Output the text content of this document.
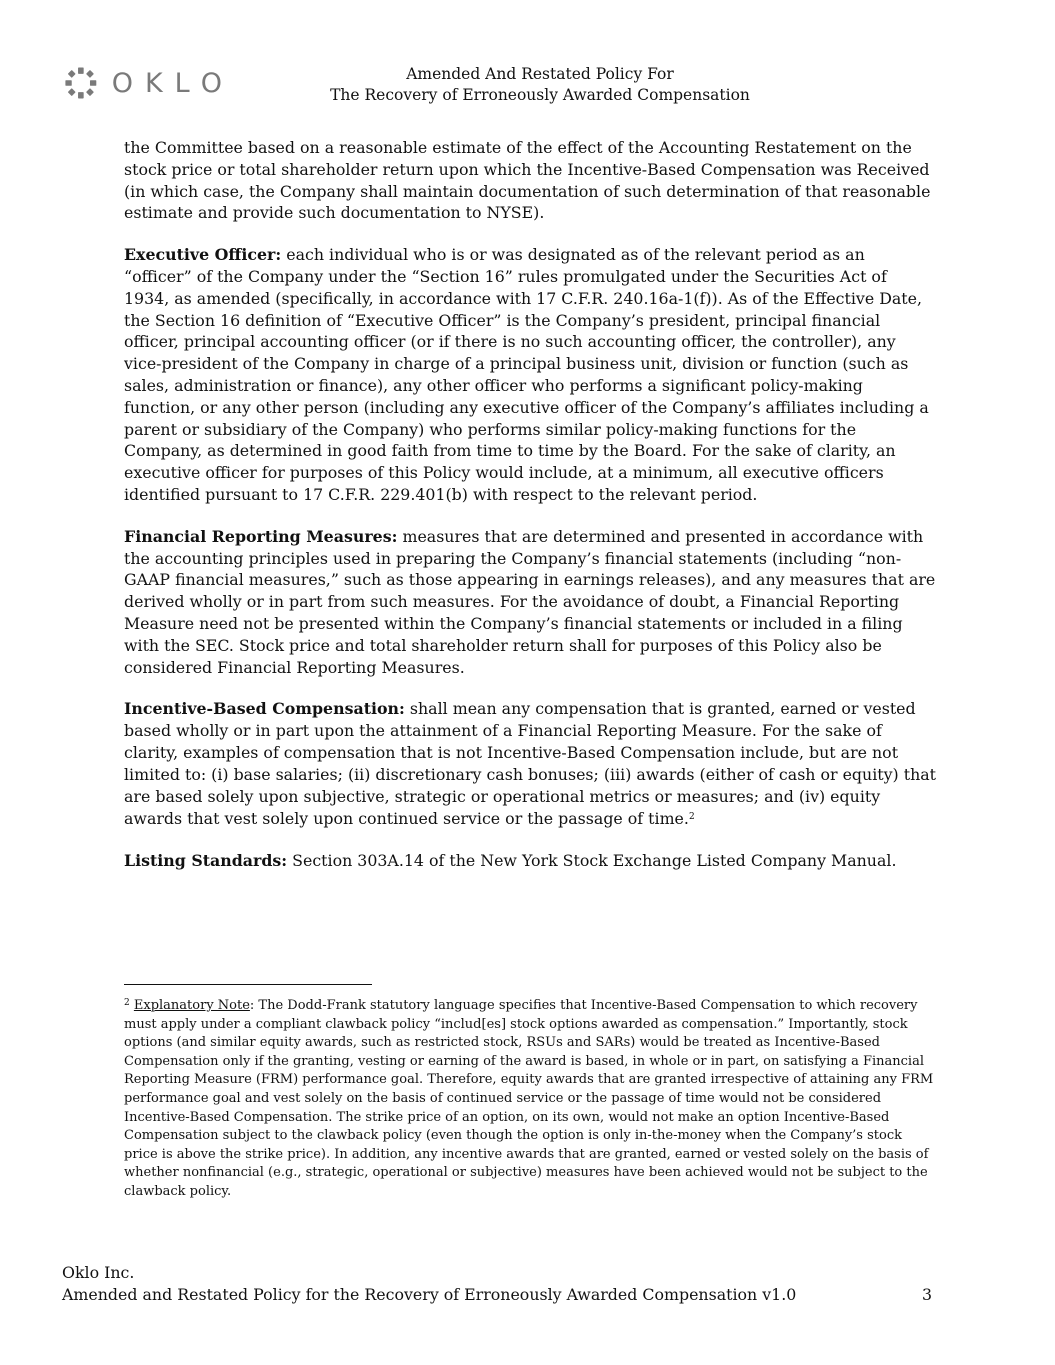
OKLO	Amended And Restated Policy For
The Recovery of Erroneously Awarded Compensation

the Committee based on a reasonable estimate of the effect of the Accounting Restatement on the stock price or total shareholder return upon which the Incentive-Based Compensation was Received (in which case, the Company shall maintain documentation of such determination of that reasonable estimate and provide such documentation to NYSE).

Executive Officer: each individual who is or was designated as of the relevant period as an “officer” of the Company under the “Section 16” rules promulgated under the Securities Act of 1934, as amended (specifically, in accordance with 17 C.F.R. 240.16a-1(f)). As of the Effective Date, the Section 16 definition of “Executive Officer” is the Company’s president, principal financial officer, principal accounting officer (or if there is no such accounting officer, the controller), any vice-president of the Company in charge of a principal business unit, division or function (such as sales, administration or finance), any other officer who performs a significant policy-making function, or any other person (including any executive officer of the Company’s affiliates including a parent or subsidiary of the Company) who performs similar policy-making functions for the Company, as determined in good faith from time to time by the Board. For the sake of clarity, an executive officer for purposes of this Policy would include, at a minimum, all executive officers identified pursuant to 17 C.F.R. 229.401(b) with respect to the relevant period.

Financial Reporting Measures: measures that are determined and presented in accordance with the accounting principles used in preparing the Company’s financial statements (including “non-GAAP financial measures,” such as those appearing in earnings releases), and any measures that are derived wholly or in part from such measures. For the avoidance of doubt, a Financial Reporting Measure need not be presented within the Company’s financial statements or included in a filing with the SEC. Stock price and total shareholder return shall for purposes of this Policy also be considered Financial Reporting Measures.

Incentive-Based Compensation: shall mean any compensation that is granted, earned or vested based wholly or in part upon the attainment of a Financial Reporting Measure. For the sake of clarity, examples of compensation that is not Incentive-Based Compensation include, but are not limited to: (i) base salaries; (ii) discretionary cash bonuses; (iii) awards (either of cash or equity) that are based solely upon subjective, strategic or operational metrics or measures; and (iv) equity awards that vest solely upon continued service or the passage of time.$^2$

Listing Standards: Section 303A.14 of the New York Stock Exchange Listed Company Manual.

$^2$ Explanatory Note: The Dodd-Frank statutory language specifies that Incentive-Based Compensation to which recovery must apply under a compliant clawback policy “includ[es] stock options awarded as compensation.” Importantly, stock options (and similar equity awards, such as restricted stock, RSUs and SARs) would be treated as Incentive-Based Compensation only if the granting, vesting or earning of the award is based, in whole or in part, on satisfying a Financial Reporting Measure (FRM) performance goal. Therefore, equity awards that are granted irrespective of attaining any FRM performance goal and vest solely on the basis of continued service or the passage of time would not be considered Incentive-Based Compensation. The strike price of an option, on its own, would not make an option Incentive-Based Compensation subject to the clawback policy (even though the option is only in-the-money when the Company’s stock price is above the strike price). In addition, any incentive awards that are granted, earned or vested solely on the basis of whether nonfinancial (e.g., strategic, operational or subjective) measures have been achieved would not be subject to the clawback policy.
Oklo Inc.
Amended and Restated Policy for the Recovery of Erroneously Awarded Compensation v1.0	3
